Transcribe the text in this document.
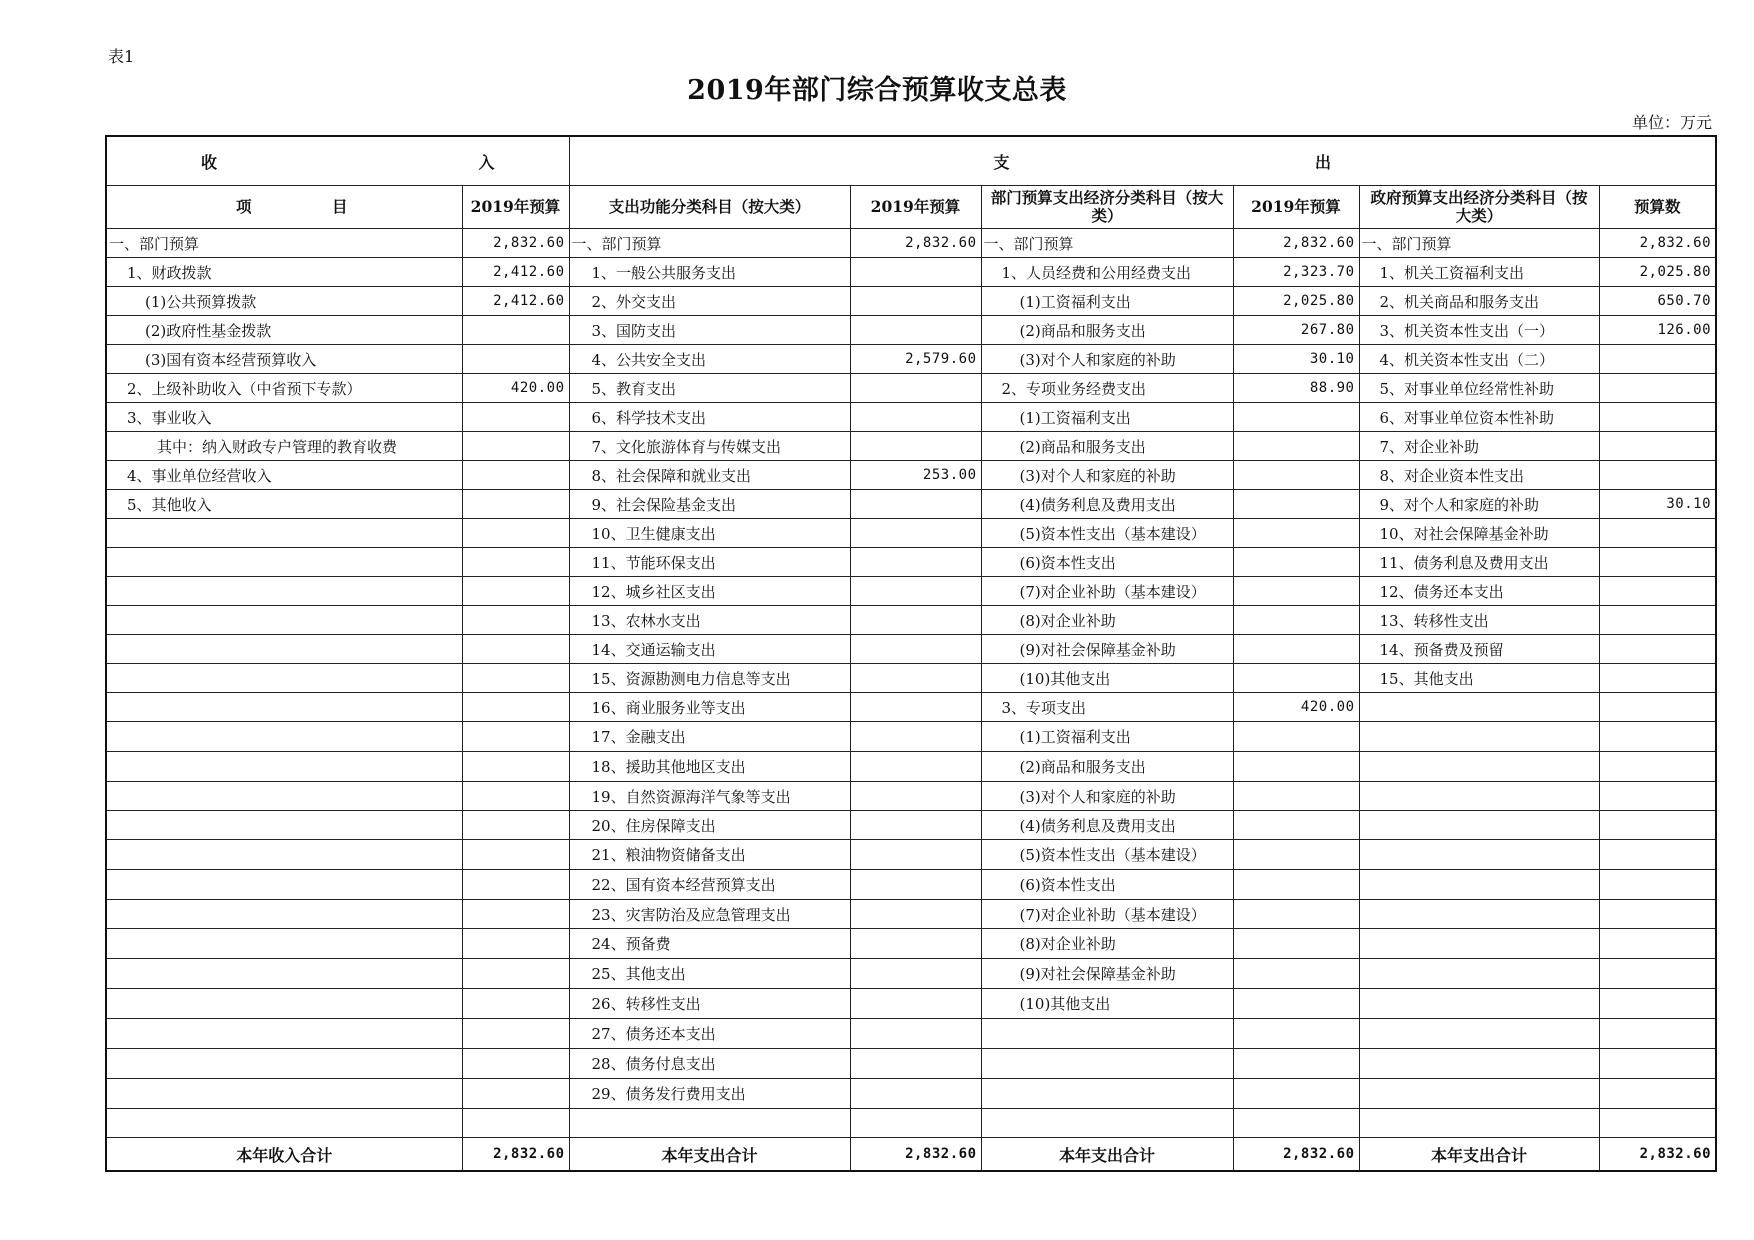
表1
2019年部门综合预算收支总表
单位：万元
收 入		支 出					

项 目	2019年预算	支出功能分类科目（按大类）	2019年预算	部门预算支出经济分类科目（按大类）	2019年预算	政府预算支出经济分类科目（按大类）	预算数
一、部门预算	2,832.60	一、部门预算	2,832.60	一、部门预算	2,832.60	一、部门预算	2,832.60
1、财政拨款	2,412.60	1、一般公共服务支出		1、人员经费和公用经费支出	2,323.70	1、机关工资福利支出	2,025.80
(1)公共预算拨款	2,412.60	2、外交支出		(1)工资福利支出	2,025.80	2、机关商品和服务支出	650.70
(2)政府性基金拨款		3、国防支出		(2)商品和服务支出	267.80	3、机关资本性支出（一）	126.00
(3)国有资本经营预算收入		4、公共安全支出	2,579.60	(3)对个人和家庭的补助	30.10	4、机关资本性支出（二）	
2、上级补助收入（中省预下专款）	420.00	5、教育支出		2、专项业务经费支出	88.90	5、对事业单位经常性补助	
3、事业收入		6、科学技术支出		(1)工资福利支出		6、对事业单位资本性补助	
其中：纳入财政专户管理的教育收费		7、文化旅游体育与传媒支出		(2)商品和服务支出		7、对企业补助	
4、事业单位经营收入		8、社会保障和就业支出	253.00	(3)对个人和家庭的补助		8、对企业资本性支出	
5、其他收入		9、社会保险基金支出		(4)债务利息及费用支出		9、对个人和家庭的补助	30.10
		10、卫生健康支出		(5)资本性支出（基本建设）		10、对社会保障基金补助	
		11、节能环保支出		(6)资本性支出		11、债务利息及费用支出	
		12、城乡社区支出		(7)对企业补助（基本建设）		12、债务还本支出	
		13、农林水支出		(8)对企业补助		13、转移性支出	
		14、交通运输支出		(9)对社会保障基金补助		14、预备费及预留	
		15、资源勘测电力信息等支出		(10)其他支出		15、其他支出	
		16、商业服务业等支出		3、专项支出	420.00		
		17、金融支出		(1)工资福利支出			
		18、援助其他地区支出		(2)商品和服务支出			
		19、自然资源海洋气象等支出		(3)对个人和家庭的补助			
		20、住房保障支出		(4)债务利息及费用支出			
		21、粮油物资储备支出		(5)资本性支出（基本建设）			
		22、国有资本经营预算支出		(6)资本性支出			
		23、灾害防治及应急管理支出		(7)对企业补助（基本建设）			
		24、预备费		(8)对企业补助			
		25、其他支出		(9)对社会保障基金补助			
		26、转移性支出		(10)其他支出			
		27、债务还本支出					
		28、债务付息支出					
		29、债务发行费用支出					

本年收入合计	2,832.60	本年支出合计	2,832.60	本年支出合计	2,832.60	本年支出合计	2,832.60
